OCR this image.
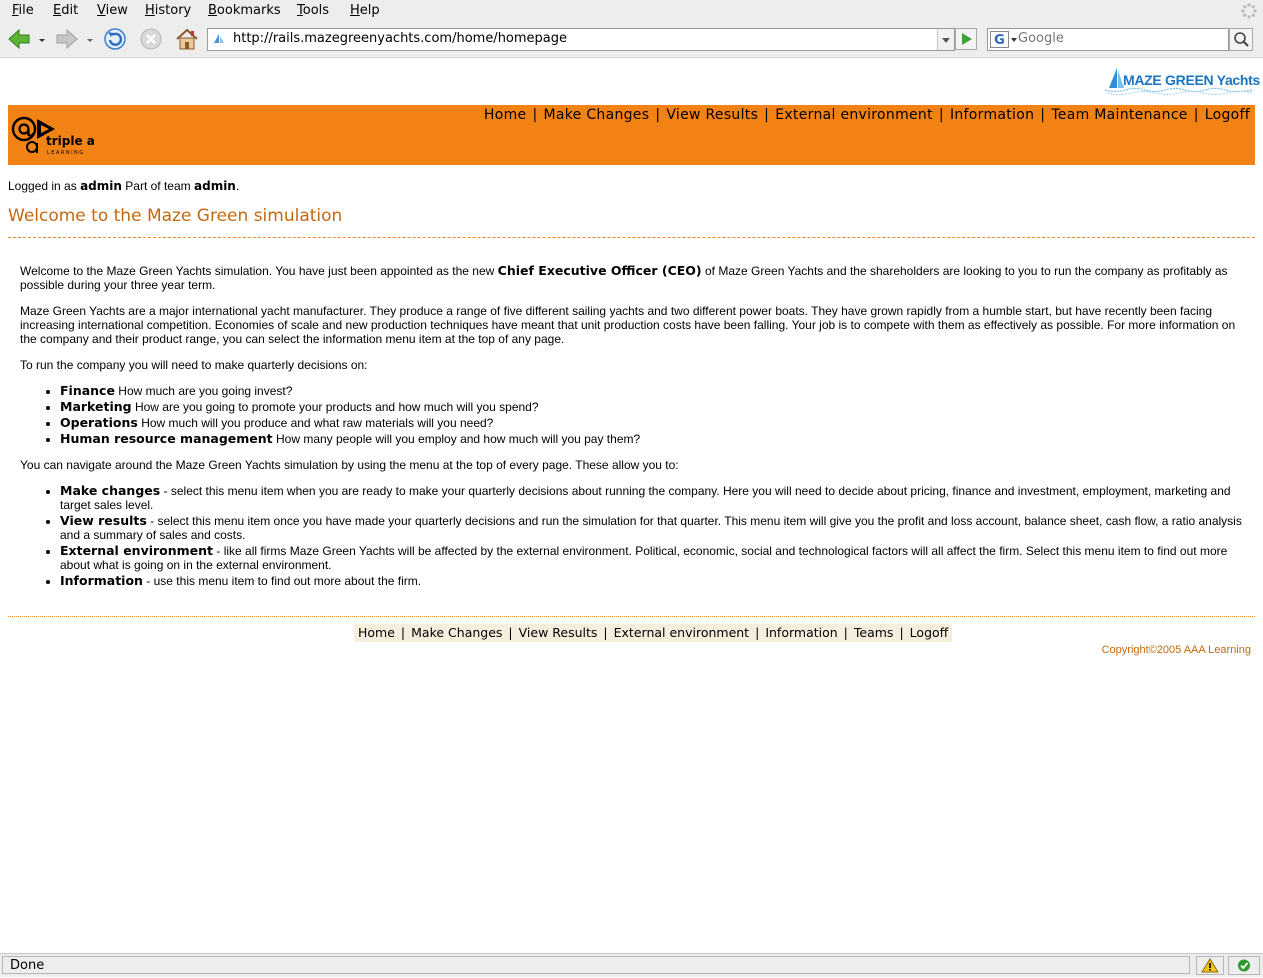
File Edit View History Bookmarks Tools Help
http://rails.mazegreenyachts.com/home/homepage	G
Google
MAZE GREEN Yachts
triple a
LEARNING
Home | Make Changes | View Results | External environment | Information | Team Maintenance | Logoff
Logged in as admin Part of team admin.
Welcome to the Maze Green simulation

Welcome to the Maze Green Yachts simulation. You have just been appointed as the new Chief Executive Officer (CEO) of Maze Green Yachts and the shareholders are looking to you to run the company as profitably as possible during your three year term.

Maze Green Yachts are a major international yacht manufacturer. They produce a range of five different sailing yachts and two different power boats. They have grown rapidly from a humble start, but have recently been facing increasing international competition. Economies of scale and new production techniques have meant that unit production costs have been falling. Your job is to compete with them as effectively as possible. For more information on the company and their product range, you can select the information menu item at the top of any page.

To run the company you will need to make quarterly decisions on:

• Finance How much are you going invest?
• Marketing How are you going to promote your products and how much will you spend?
• Operations How much will you produce and what raw materials will you need?
• Human resource management How many people will you employ and how much will you pay them?

You can navigate around the Maze Green Yachts simulation by using the menu at the top of every page. These allow you to:

• Make changes - select this menu item when you are ready to make your quarterly decisions about running the company. Here you will need to decide about pricing, finance and investment, employment, marketing and target sales level.
• View results - select this menu item once you have made your quarterly decisions and run the simulation for that quarter. This menu item will give you the profit and loss account, balance sheet, cash flow, a ratio analysis and a summary of sales and costs.
• External environment - like all firms Maze Green Yachts will be affected by the external environment. Political, economic, social and technological factors will all affect the firm. Select this menu item to find out more about what is going on in the external environment.
• Information - use this menu item to find out more about the firm.
Home | Make Changes | View Results | External environment | Information | Teams | Logoff
Copyright©2005 AAA Learning
Done
